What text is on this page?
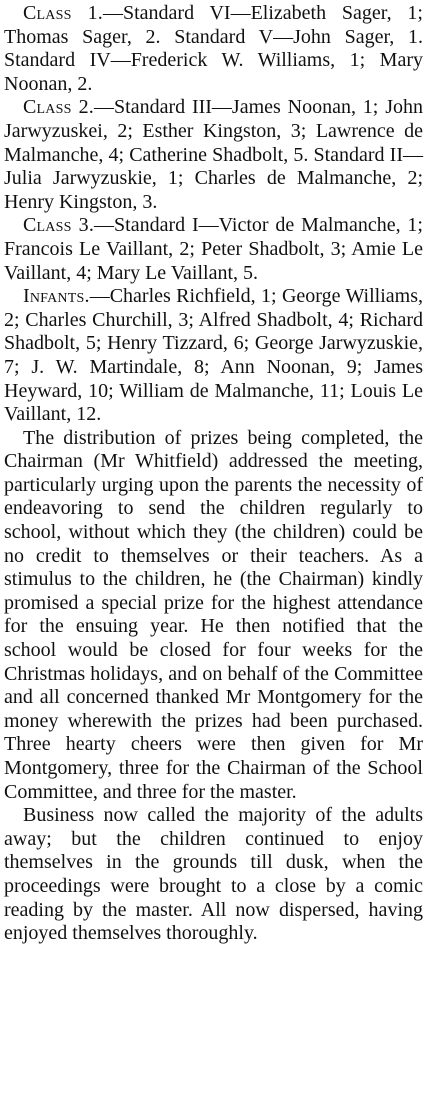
Class 1.—Standard VI—Elizabeth Sager, 1; Thomas Sager, 2. Standard V—John Sager, 1. Standard IV—Frederick W. Williams, 1; Mary Noonan, 2.

Class 2.—Standard III—James Noonan, 1; John Jarwyzuskei, 2; Esther Kingston, 3; Lawrence de Malmanche, 4; Catherine Shadbolt, 5. Standard II—Julia Jarwyzuskie, 1; Charles de Malmanche, 2; Henry Kingston, 3.

Class 3.—Standard I—Victor de Malmanche, 1; Francois Le Vaillant, 2; Peter Shadbolt, 3; Amie Le Vaillant, 4; Mary Le Vaillant, 5.

Infants.—Charles Richfield, 1; George Williams, 2; Charles Churchill, 3; Alfred Shadbolt, 4; Richard Shadbolt, 5; Henry Tizzard, 6; George Jarwyzuskie, 7; J. W. Martindale, 8; Ann Noonan, 9; James Heyward, 10; William de Malmanche, 11; Louis Le Vaillant, 12.

The distribution of prizes being completed, the Chairman (Mr Whitfield) addressed the meeting, particularly urging upon the parents the necessity of endeavoring to send the children regularly to school, without which they (the children) could be no credit to themselves or their teachers. As a stimulus to the children, he (the Chairman) kindly promised a special prize for the highest attendance for the ensuing year. He then notified that the school would be closed for four weeks for the Christmas holidays, and on behalf of the Committee and all concerned thanked Mr Montgomery for the money wherewith the prizes had been purchased. Three hearty cheers were then given for Mr Montgomery, three for the Chairman of the School Committee, and three for the master.

Business now called the majority of the adults away; but the children continued to enjoy themselves in the grounds till dusk, when the proceedings were brought to a close by a comic reading by the master. All now dispersed, having enjoyed themselves thoroughly.
